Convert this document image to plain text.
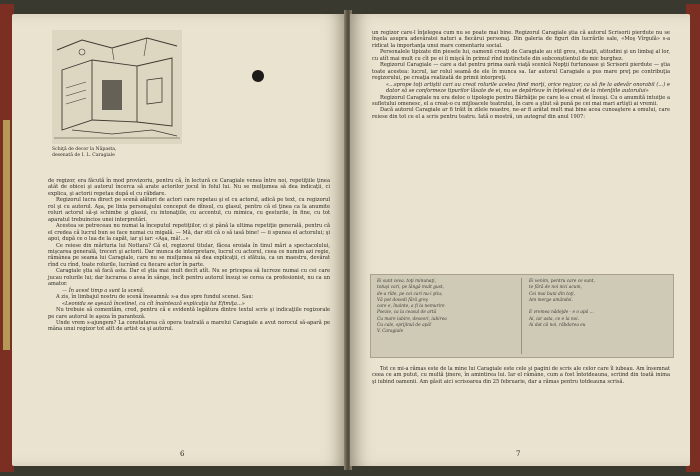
Schiţă de decor la Năpasta, desenată de I. L. Caragiale

de regizor, era făcută în mod provizoriu, pentru că, în lectură ce Caragiale venea între noi, repetiţiile ţinea atât de obicei şi autorul încerca să arate actorilor jocul în folul lui. Nu se mulţumea să dea indicaţii, ci explica, şi actorii repetau după el cu răbdare.

Regizorul lucra direct pe scenă alături de actori care repetau şi el cu actorul, adică pe text, cu regizorul rol şi cu autorul. Aşa, pe linia personajului conceput de dînsul, cu glasul, pentru că el ţinea ca la anumite roluri actorul să-şi schimbe şi glasul, cu intonaţiile, cu accentul, cu mimica, cu gesturile, în fine, cu tot aparatul trebuincios unei interpretări.

Acestea se petreceau nu numai la începutul repetiţiilor, ci şi până la ultima repetiţie generală, pentru că el credea că lucrul bun se face numai cu migală. — Mă, dar stii că o să iasă bine! — ii spunea el actorului; şi apoi, după ce o lua de la capăt, iar şi iar: «Aşa, mă!...»

Ce reiese din mărturia lui Nottara? Că el, regizorul titular, făcea eroiala în tinul mări a spectacolului, mişcarea generală, treceri şi actorii. Dar munca de interpretare, lucrul cu actorul, ceea ce numim azi regie, rămânea pe seama lui Caragiale, care nu se mulţumea să dea explicaţii, ci sfătuia, ca un maestru, devărat rînd cu rînd, toate rolurile, lucrând cu fiecare actor în parte.

Caragiale ştia să facă asta. Dar el ştia mai mult decît atît. Nu se pricepea să lucreze numai cu cei care jucau rolurile lui; dar lucrarea o avea în sânge, încît pentru autorul însuşi se cerea ca profesionist, nu ca un amator.

— În acest timp a sunt la scenă.

A zis, în limbajul nostru de scenă înseamnă: s-a dus spre fundul scenei. Sau:

«Leonida se aşează încetinel, cu cît înaintează explicaţia lui Efimiţa...»

Nu trebuie să comentăm, cred, pentru că e evidentă legătura dintre textul scris şi indicaţiile regizorale pe care autorul le aşeza în paranteză.

Unde vrem s-ajungem? La constatarea că opera teatrală a marelui Caragiale a avut norocul să-apară pe mâna unui regizor tot atît de artist ca şi autorul.

6

un regizor care-l înţelegea cum nu se poate mai bine. Regizorul Caragiale ştia că autorul Scrisorii pierdute nu se înşela asupra adevăratei naturi a fiecărui personaj. Din galeria de figuri din lucrările sale, «Moş Vîrgulă» s-a ridicat la importanţa unui mare comentariu social.

Personalele tipizate din piesele lui, oamenii creaţi de Caragiale au stil greu, situaţii, atitudini şi un limbaj al lor, cu atît mai mult cu cît pe ei îi mişcă în primul rînd instinctele din subconştientul de mic burghez.

Regizorul Caragiale — care a dat pentru prima oară viaţă scenică Nopţii furtunoase şi Scrisorii pierdute — ştia toate acestea: lucrul, iar rolul seamă de ele în munca sa. Iar autorul Caragiale a pus mare preţ pe contribuţia regizorului, pe creaţia realizată de primii interpreţi.

«...sprope toţi artiştii cari au creat rolurile acelea fiind morţi, orice regizor, ca să fie la adevăr onorabil (...) e dator să se conformeze tipurilor lăsate de ei, nu se depărteze în înţelesul ei de la intenţiile autorului»

Regizorul Caragiale nu era deloc o tipologie pentru Bărbăţie pe care le-a creat el însuşi. Cu o anumită intuiţie a sufletului omenesc, el a creat-o cu mijloacele teatrului, în care a ştiut să pună pe cei mai mari artişti ai vremii.

Dacă autorul Caragiale ar fi trăit în zilele noastre, ne-ar fi arătat mult mai bine acea cunoaştere a omului, care reiese din tot ce el a scris pentru teatru. Iată o mostră, un autograf din anul 1907:

Ei sunt ceva, toţi minunaţi,
totuşi cari, pe lângă mult gust,
de-a rîde, pe cei cari nu-i ştiu;
Vă pot dovedi fără greş
care e, înainte, a fi la nemurire
Poezie, ca la ceasul de artă
Cu mare iubire, deseori, iubirea
Cu cale, sprijinul de apă!
V. Caragiale
Ei venim, pentru care ce sunt,
te fără de noi nici acum,
Cei mai buni din toţi,
Am merge amândoi.

E vremea nădejde - e o apă ...
Ai, iar asta, ce e la noi.
Ai dat că noi, răbdarea eu

Tot ce mi-a rămas este de la mine lui Caragiale este cele şi pagini de scris ale celor care îl iubeau. Am însemnat ceea ce am putut, cu multă ţinere, în amintirea lui. Iar el rămâne, cum a fost întotdeauna, scriind din toată inima şi iubind oamenii. Am găsit aici scrisoarea din 25 februarie, dar a rămas pentru totdeauna scrisă.

7
